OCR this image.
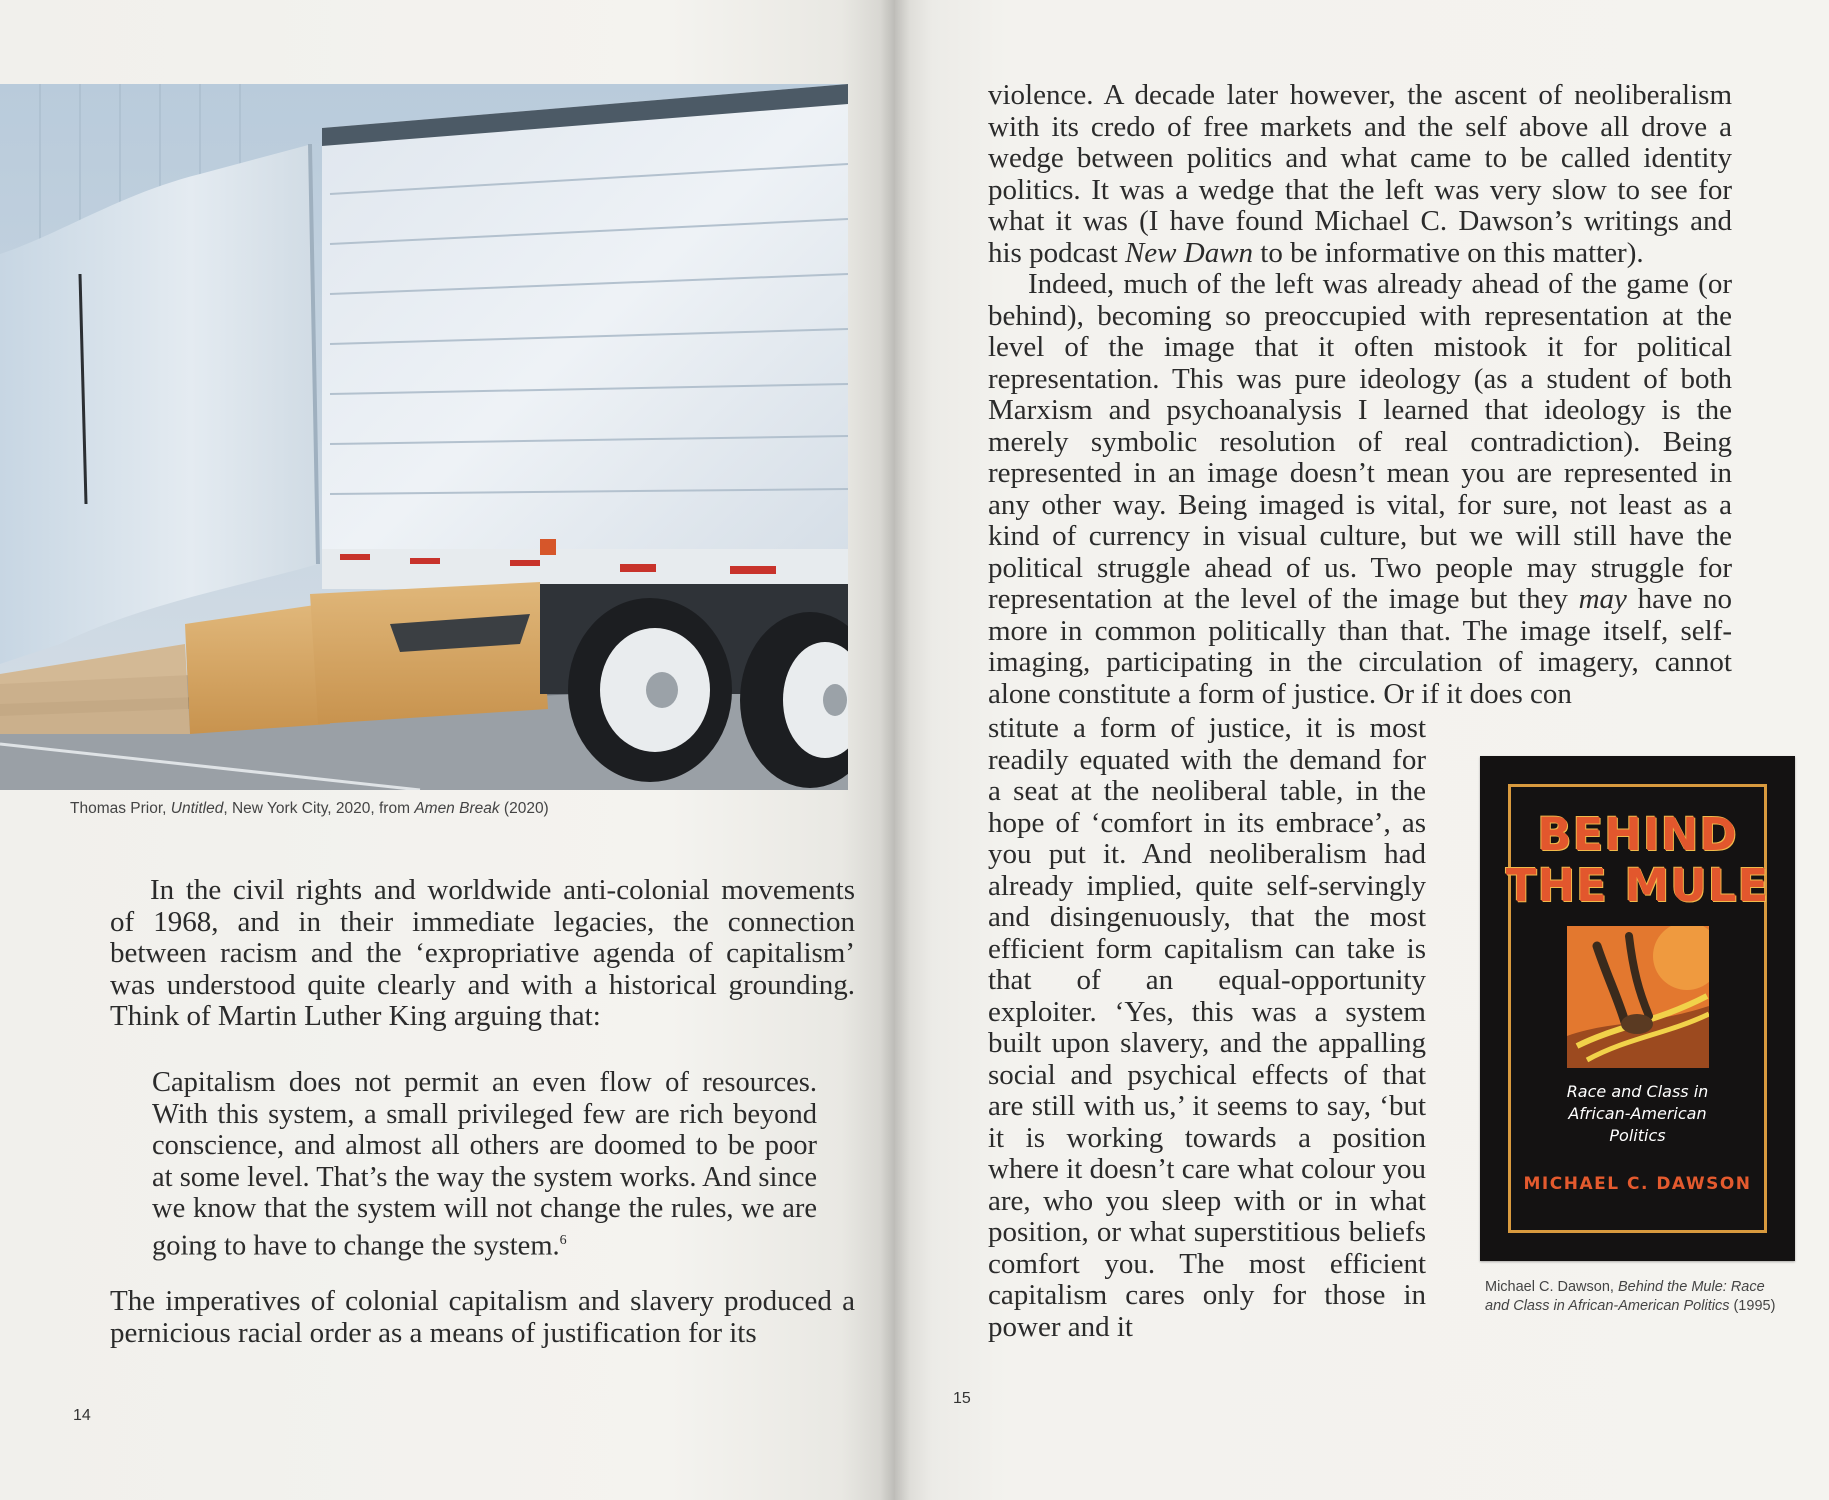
Thomas Prior, Untitled, New York City, 2020, from Amen Break (2020)

In the civil rights and worldwide anti-colonial movements of 1968, and in their immediate legacies, the connection between racism and the ‘expropriative agenda of capitalism’ was understood quite clearly and with a historical grounding. Think of Martin Luther King arguing that:

Capitalism does not permit an even flow of resources. With this system, a small privileged few are rich beyond conscience, and almost all others are doomed to be poor at some level. That’s the way the system works. And since we know that the system will not change the rules, we are going to have to change the system.$^6$

The imperatives of colonial capitalism and slavery produced a pernicious racial order as a means of justification for its

14

violence. A decade later however, the ascent of neoliberalism with its credo of free markets and the self above all drove a wedge between politics and what came to be called identity politics. It was a wedge that the left was very slow to see for what it was (I have found Michael C. Dawson’s writings and his podcast New Dawn to be informative on this matter).

Indeed, much of the left was already ahead of the game (or behind), becoming so preoccupied with representation at the level of the image that it often mistook it for political representation. This was pure ideology (as a student of both Marxism and psychoanalysis I learned that ideology is the merely symbolic resolution of real contradiction). Being represented in an image doesn’t mean you are represented in any other way. Being imaged is vital, for sure, not least as a kind of currency in visual culture, but we will still have the political struggle ahead of us. Two people may struggle for representation at the level of the image but they may have no more in common politically than that. The image itself, self-imaging, participating in the circulation of imagery, cannot alone constitute a form of justice. Or if it does con

stitute a form of justice, it is most readily equated with the demand for a seat at the neoliberal table, in the hope of ‘comfort in its embrace’, as you put it. And neoliberalism had already implied, quite self-servingly and disingenuously, that the most efficient form capitalism can take is that of an equal-opportunity exploiter. ‘Yes, this was a system built upon slavery, and the appalling social and psychical effects of that are still with us,’ it seems to say, ‘but it is working towards a position where it doesn’t care what colour you are, who you sleep with or in what position, or what superstitious beliefs comfort you. The most efficient capitalism cares only for those in power and it

BEHIND
THE MULE
Race and Class in
African-American
Politics
MICHAEL C. DAWSON
Michael C. Dawson, Behind the Mule: Race and Class in African-American Politics (1995)
15
